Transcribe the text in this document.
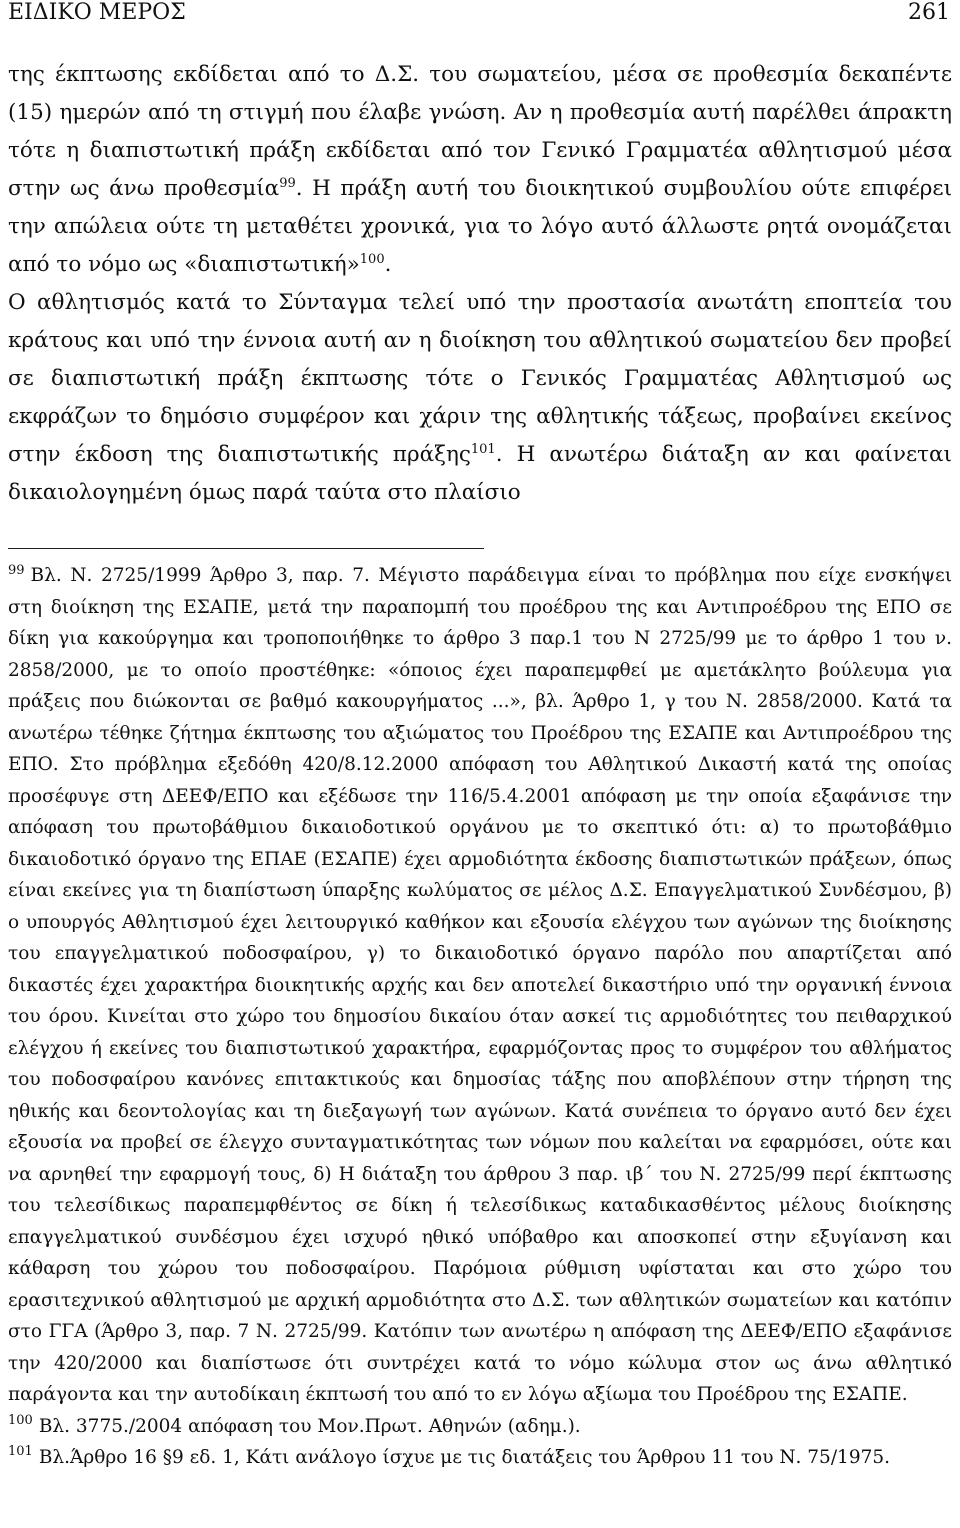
ΕΙΔΙΚΟ ΜΕΡΟΣ	261

της έκπτωσης εκδίδεται από το Δ.Σ. του σωματείου, μέσα σε προθεσμία δεκαπέντε (15) ημερών από τη στιγμή που έλαβε γνώση. Αν η προθεσμία αυτή παρέλθει άπρακτη τότε η διαπιστωτική πράξη εκδίδεται από τον Γενικό Γραμματέα αθλητισμού μέσα στην ως άνω προθεσμία$^{99}$. Η πράξη αυτή του διοικητικού συμβουλίου ούτε επιφέρει την απώλεια ούτε τη μεταθέτει χρονικά, για το λόγο αυτό άλλωστε ρητά ονομάζεται από το νόμο ως «διαπιστωτική»$^{100}$.

Ο αθλητισμός κατά το Σύνταγμα τελεί υπό την προστασία ανωτάτη εποπτεία του κράτους και υπό την έννοια αυτή αν η διοίκηση του αθλητικού σωματείου δεν προβεί σε διαπιστωτική πράξη έκπτωσης τότε ο Γενικός Γραμματέας Αθλητισμού ως εκφράζων το δημόσιο συμφέρον και χάριν της αθλητικής τάξεως, προβαίνει εκείνος στην έκδοση της διαπιστωτικής πράξης$^{101}$. Η ανωτέρω διάταξη αν και φαίνεται δικαιολογημένη όμως παρά ταύτα στο πλαίσιο

$^{99}$ Βλ. Ν. 2725/1999 Άρθρο 3, παρ. 7. Μέγιστο παράδειγμα είναι το πρόβλημα που είχε ενσκήψει στη διοίκηση της ΕΣΑΠΕ, μετά την παραπομπή του προέδρου της και Αντιπροέδρου της ΕΠΟ σε δίκη για κακούργημα και τροποποιήθηκε το άρθρο 3 παρ.1 του Ν 2725/99 με το άρθρο 1 του ν. 2858/2000, με το οποίο προστέθηκε: «όποιος έχει παραπεμφθεί με αμετάκλητο βούλευμα για πράξεις που διώκονται σε βαθμό κακουργήματος ...», βλ. Άρθρο 1, γ του Ν. 2858/2000. Κατά τα ανωτέρω τέθηκε ζήτημα έκπτωσης του αξιώματος του Προέδρου της ΕΣΑΠΕ και Αντιπροέδρου της ΕΠΟ. Στο πρόβλημα εξεδόθη 420/8.12.2000 απόφαση του Αθλητικού Δικαστή κατά της οποίας προσέφυγε στη ΔΕΕΦ/ΕΠΟ και εξέδωσε την 116/5.4.2001 απόφαση με την οποία εξαφάνισε την απόφαση του πρωτοβάθμιου δικαιοδοτικού οργάνου με το σκεπτικό ότι: α) το πρωτοβάθμιο δικαιοδοτικό όργανο της ΕΠΑΕ (ΕΣΑΠΕ) έχει αρμοδιότητα έκδοσης διαπιστωτικών πράξεων, όπως είναι εκείνες για τη διαπίστωση ύπαρξης κωλύματος σε μέλος Δ.Σ. Επαγγελματικού Συνδέσμου, β) ο υπουργός Αθλητισμού έχει λειτουργικό καθήκον και εξουσία ελέγχου των αγώνων της διοίκησης του επαγγελματικού ποδοσφαίρου, γ) το δικαιοδοτικό όργανο παρόλο που απαρτίζεται από δικαστές έχει χαρακτήρα διοικητικής αρχής και δεν αποτελεί δικαστήριο υπό την οργανική έννοια του όρου. Κινείται στο χώρο του δημοσίου δικαίου όταν ασκεί τις αρμοδιότητες του πειθαρχικού ελέγχου ή εκείνες του διαπιστωτικού χαρακτήρα, εφαρμόζοντας προς το συμφέρον του αθλήματος του ποδοσφαίρου κανόνες επιτακτικούς και δημοσίας τάξης που αποβλέπουν στην τήρηση της ηθικής και δεοντολογίας και τη διεξαγωγή των αγώνων. Κατά συνέπεια το όργανο αυτό δεν έχει εξουσία να προβεί σε έλεγχο συνταγματικότητας των νόμων που καλείται να εφαρμόσει, ούτε και να αρνηθεί την εφαρμογή τους, δ) Η διάταξη του άρθρου 3 παρ. ιβ΄ του Ν. 2725/99 περί έκπτωσης του τελεσίδικως παραπεμφθέντος σε δίκη ή τελεσίδικως καταδικασθέντος μέλους διοίκησης επαγγελματικού συνδέσμου έχει ισχυρό ηθικό υπόβαθρο και αποσκοπεί στην εξυγίανση και κάθαρση του χώρου του ποδοσφαίρου. Παρόμοια ρύθμιση υφίσταται και στο χώρο του ερασιτεχνικού αθλητισμού με αρχική αρμοδιότητα στο Δ.Σ. των αθλητικών σωματείων και κατόπιν στο ΓΓΑ (Άρθρο 3, παρ. 7 Ν. 2725/99. Κατόπιν των ανωτέρω η απόφαση της ΔΕΕΦ/ΕΠΟ εξαφάνισε την 420/2000 και διαπίστωσε ότι συντρέχει κατά το νόμο κώλυμα στον ως άνω αθλητικό παράγοντα και την αυτοδίκαιη έκπτωσή του από το εν λόγω αξίωμα του Προέδρου της ΕΣΑΠΕ.

$^{100}$ Βλ. 3775./2004 απόφαση του Μον.Πρωτ. Αθηνών (αδημ.).

$^{101}$ Βλ.Άρθρο 16 §9 εδ. 1, Κάτι ανάλογο ίσχυε με τις διατάξεις του Άρθρου 11 του Ν. 75/1975.
